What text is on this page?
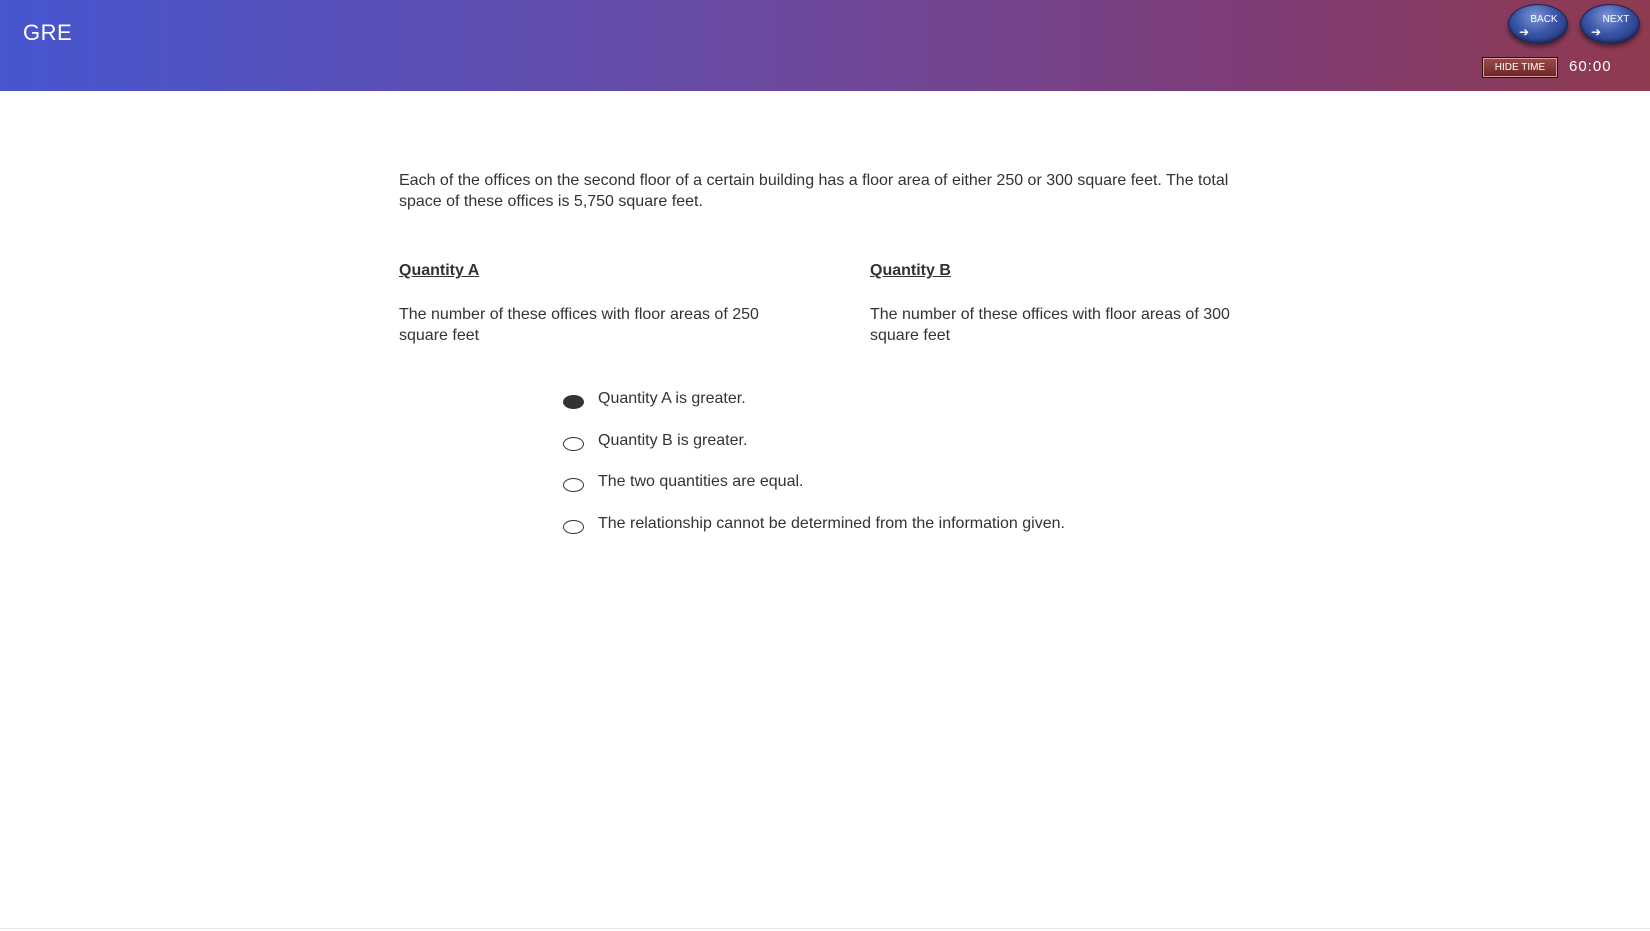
GRE
BACK
➔
NEXT
➔
HIDE TIME	60:00
Each of the offices on the second floor of a certain building has a floor area of either 250 or 300 square feet. The total space of these offices is 5,750 square feet.
Quantity A	Quantity B
The number of these offices with floor areas of 250 square feet
The number of these offices with floor areas of 300 square feet
Quantity A is greater.
Quantity B is greater.
The two quantities are equal.
The relationship cannot be determined from the information given.
